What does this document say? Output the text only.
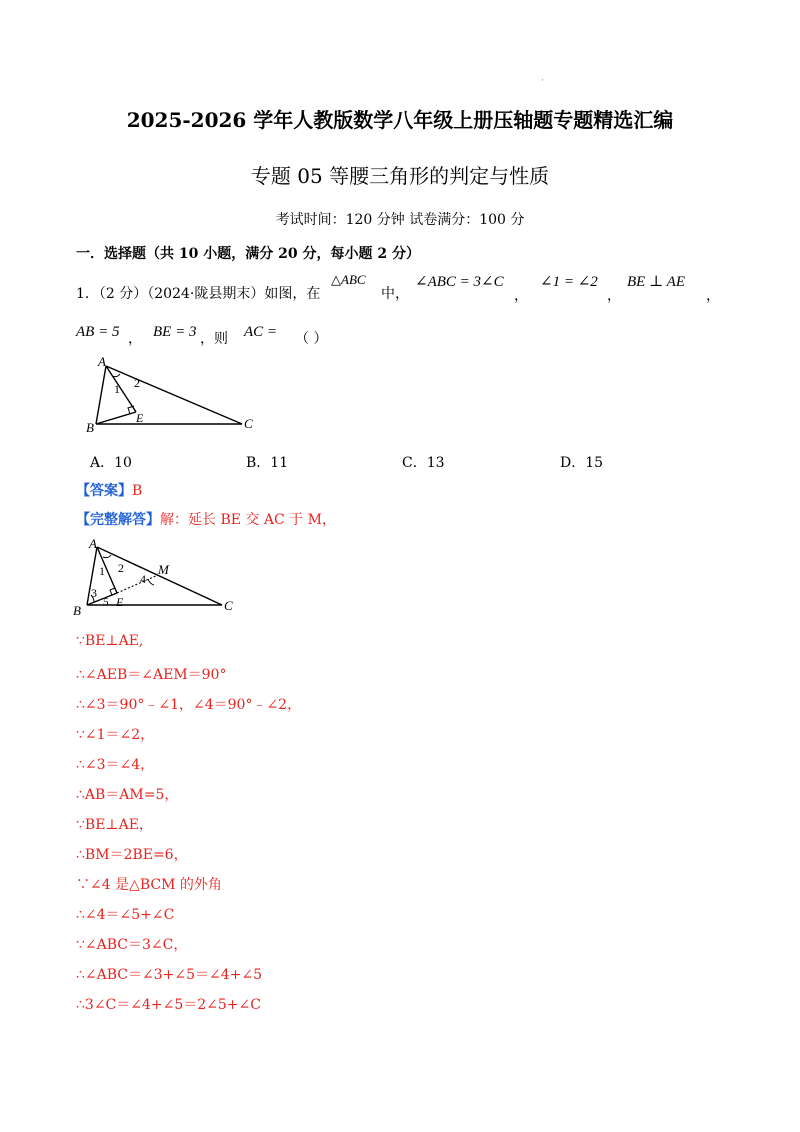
·
2025-2026 学年人教版数学八年级上册压轴题专题精选汇编
专题 05 等腰三角形的判定与性质
考试时间：120 分钟 试卷满分：100 分
一．选择题（共 10 小题，满分 20 分，每小题 2 分）
1．（2 分）（2024·陇县期末）如图，在
△ABC
中，
∠ABC = 3∠C
，
∠1 = ∠2
，
BE ⊥ AE
，
AB = 5 ， BE = 3 ，则 AC = （ ）
A
B	C
E
1 2
A．10	B．11	C．13	D．15
【答案】B
【完整解答】解：延长 BE 交 AC 于 M，
A
B	C
E
M
1 2
3
4
5
∵BE⊥AE,
∴∠AEB＝∠AEM＝90°
∴∠3＝90°﹣∠1，∠4＝90°﹣∠2，
∵∠1＝∠2，
∴∠3＝∠4，
∴AB＝AM=5，
∵BE⊥AE，
∴BM＝2BE=6，
∵∠4 是△BCM 的外角
∴∠4＝∠5+∠C
∵∠ABC＝3∠C，
∴∠ABC＝∠3+∠5＝∠4+∠5
∴3∠C＝∠4+∠5＝2∠5+∠C
